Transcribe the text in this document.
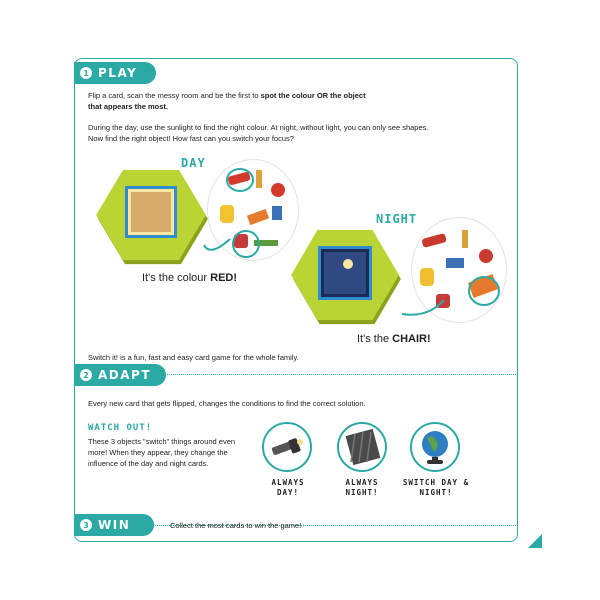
1 PLAY
Flip a card, scan the messy room and be the first to spot the colour OR the object
that appears the most.
During the day, use the sunlight to find the right colour. At night, without light, you can only see shapes. Now find the right object! How fast can you switch your focus?
DAY
NIGHT
It's the colour RED!
It's the CHAIR!
Switch it! is a fun, fast and easy card game for the whole family.
2 ADAPT
Every new card that gets flipped, changes the conditions to find the correct solution.
WATCH OUT!
These 3 objects "switch" things around even more! When they appear, they change the influence of the day and night cards.
ALWAYS DAY!
ALWAYS NIGHT!
SWITCH DAY & NIGHT!
3 WIN	Collect the most cards to win the game!
